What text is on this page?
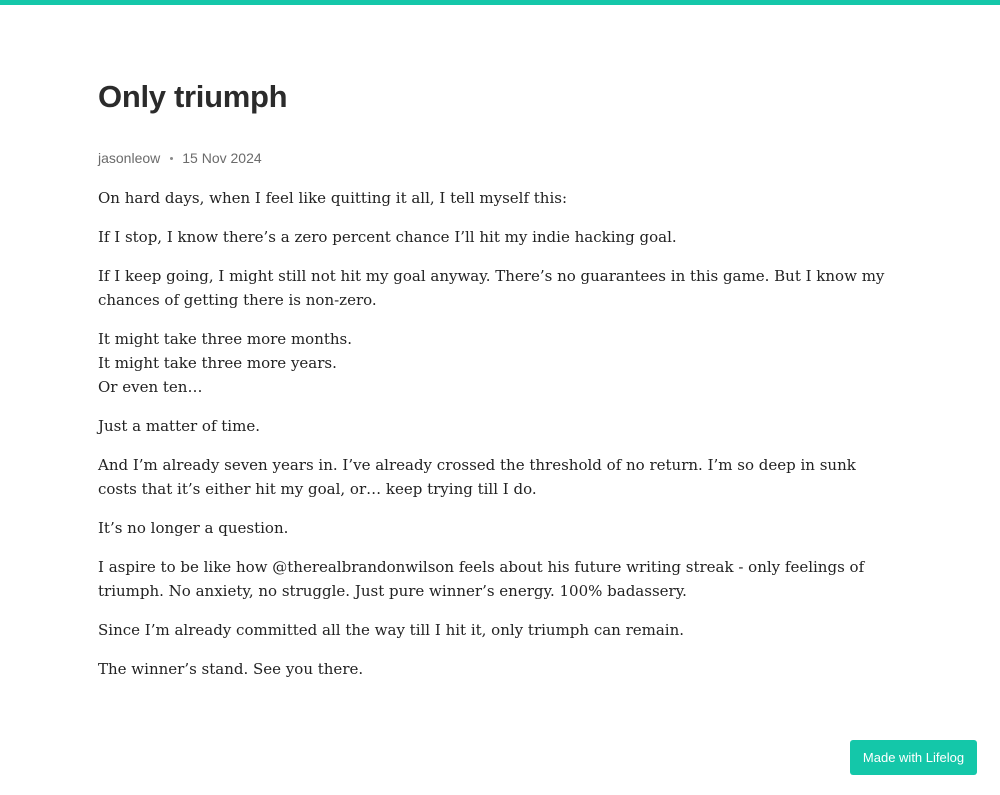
Only triumph
jasonleow 15 Nov 2024

On hard days, when I feel like quitting it all, I tell myself this:

If I stop, I know there’s a zero percent chance I’ll hit my indie hacking goal.

If I keep going, I might still not hit my goal anyway. There’s no guarantees in this game. But I know my chances of getting there is non-zero.

It might take three more months.
It might take three more years.
Or even ten…

Just a matter of time.

And I’m already seven years in. I’ve already crossed the threshold of no return. I’m so deep in sunk costs that it’s either hit my goal, or… keep trying till I do.

It’s no longer a question.

I aspire to be like how @therealbrandonwilson feels about his future writing streak - only feelings of triumph. No anxiety, no struggle. Just pure winner’s energy. 100% badassery.

Since I’m already committed all the way till I hit it, only triumph can remain.

The winner’s stand. See you there.

Made with Lifelog
